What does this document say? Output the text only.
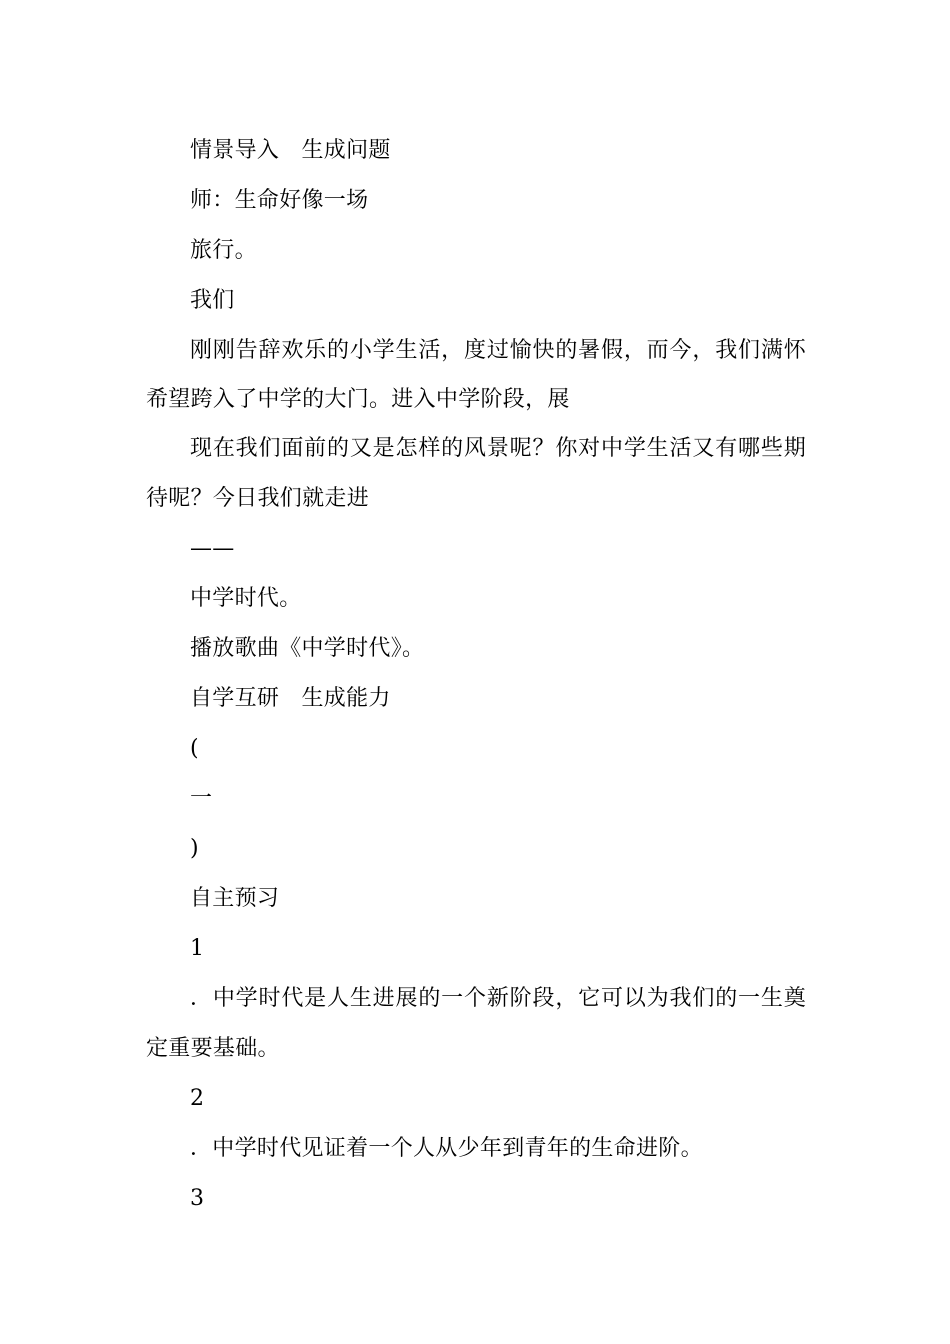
情景导入　生成问题
师：生命好像一场
旅行。
我们
刚刚告辞欢乐的小学生活，度过愉快的暑假，而今，我们满怀
希望跨入了中学的大门。进入中学阶段，展
现在我们面前的又是怎样的风景呢？你对中学生活又有哪些期
待呢？今日我们就走进
——
中学时代。
播放歌曲《中学时代》。
自学互研　生成能力
(
一
)
自主预习
1
．中学时代是人生进展的一个新阶段，它可以为我们的一生奠
定重要基础。
2
．中学时代见证着一个人从少年到青年的生命进阶。
3
